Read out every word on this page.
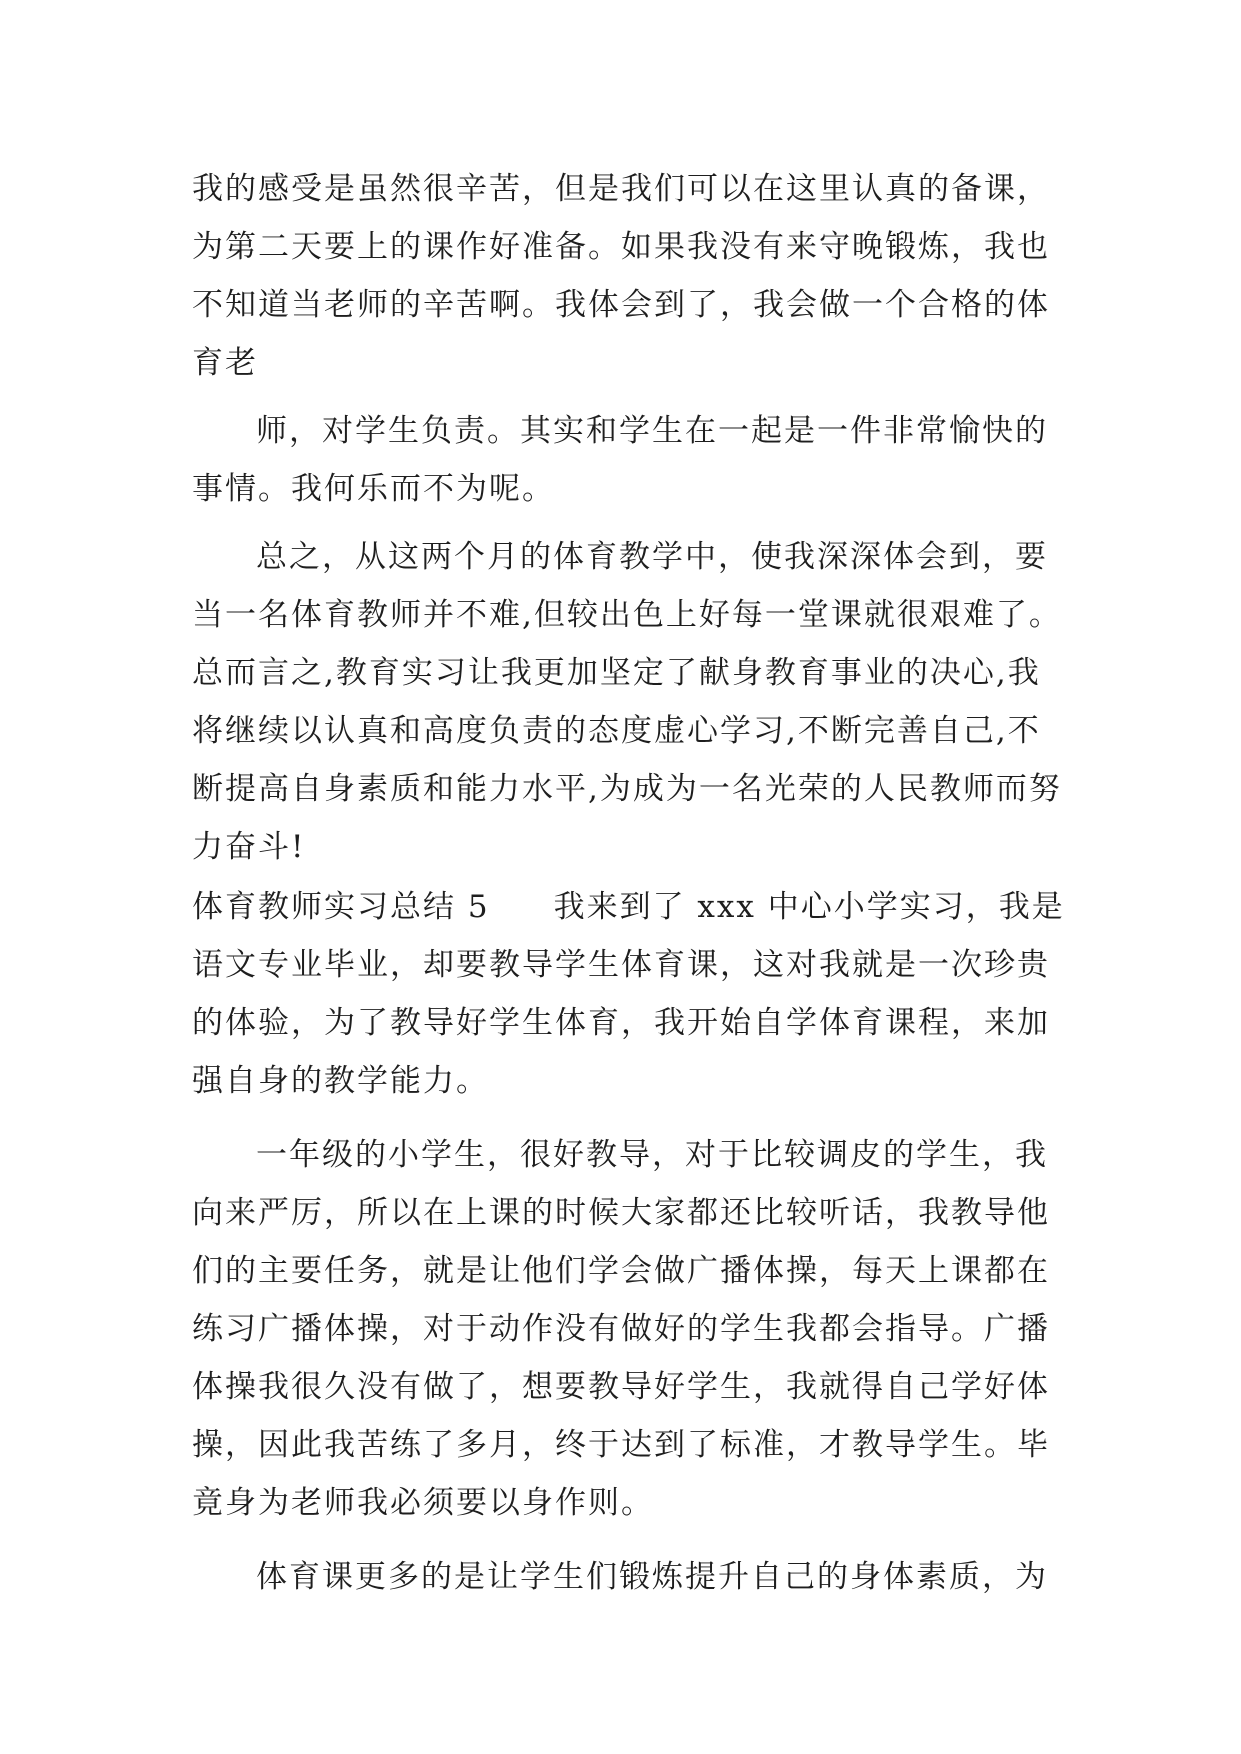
我的感受是虽然很辛苦，但是我们可以在这里认真的备课，为第二天要上的课作好准备。如果我没有来守晚锻炼，我也不知道当老师的辛苦啊。我体会到了，我会做一个合格的体育老

师，对学生负责。其实和学生在一起是一件非常愉快的事情。我何乐而不为呢。

总之，从这两个月的体育教学中，使我深深体会到，要当一名体育教师并不难,但较出色上好每一堂课就很艰难了。总而言之,教育实习让我更加坚定了献身教育事业的决心,我将继续以认真和高度负责的态度虚心学习,不断完善自己,不断提高自身素质和能力水平,为成为一名光荣的人民教师而努力奋斗!

体育教师实习总结 5 我来到了 xxx 中心小学实习，我是语文专业毕业，却要教导学生体育课，这对我就是一次珍贵的体验，为了教导好学生体育，我开始自学体育课程，来加强自身的教学能力。

一年级的小学生，很好教导，对于比较调皮的学生，我向来严厉，所以在上课的时候大家都还比较听话，我教导他们的主要任务，就是让他们学会做广播体操，每天上课都在练习广播体操，对于动作没有做好的学生我都会指导。广播体操我很久没有做了，想要教导好学生，我就得自己学好体操，因此我苦练了多月，终于达到了标准，才教导学生。毕竟身为老师我必须要以身作则。

体育课更多的是让学生们锻炼提升自己的身体素质，为
